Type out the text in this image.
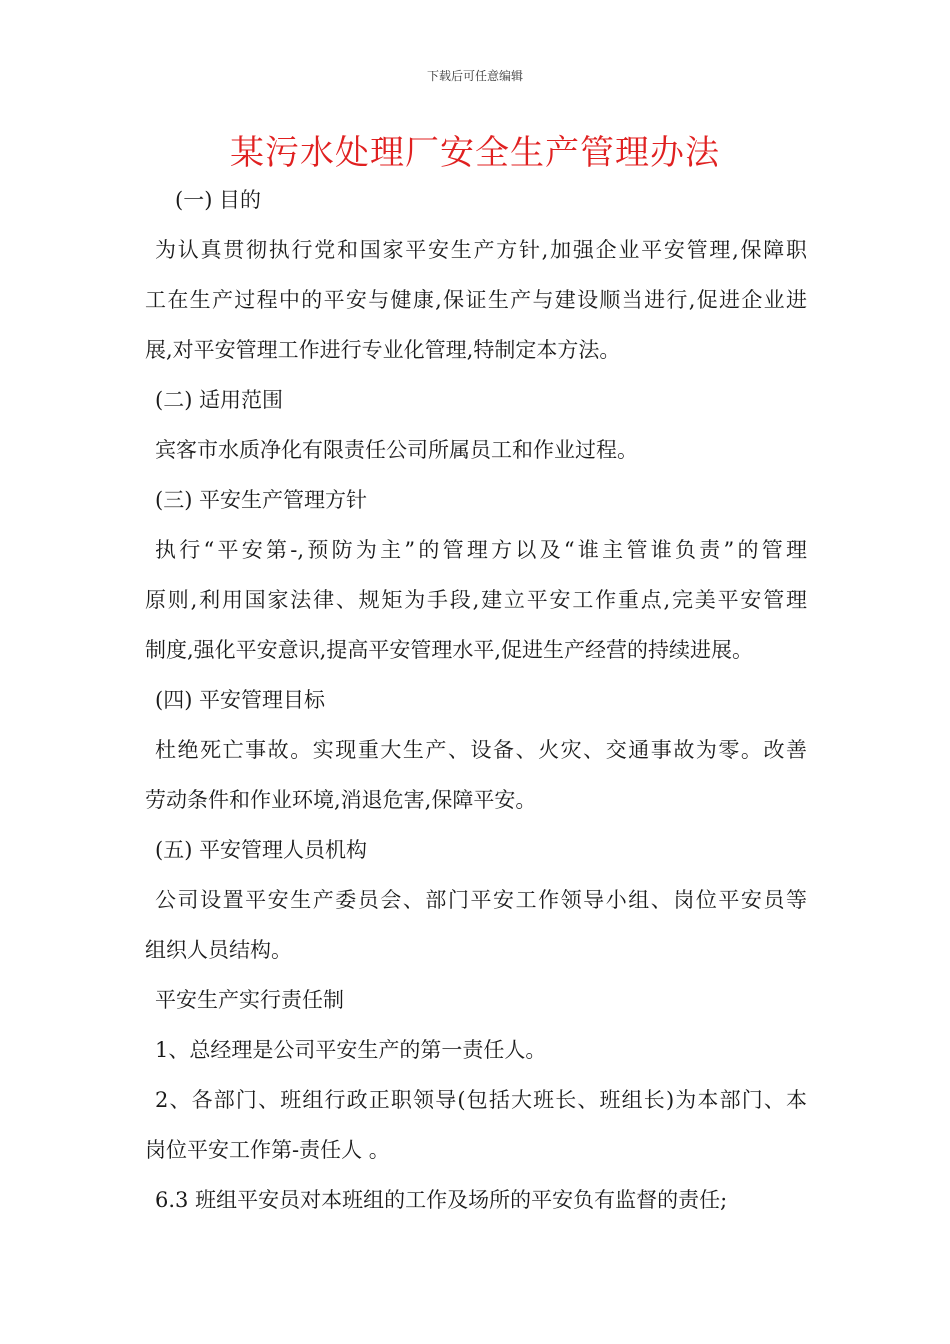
下载后可任意编辑
某污水处理厂安全生产管理办法
(一) 目的
为认真贯彻执行党和国家平安生产方针,加强企业平安管理,保障职
工在生产过程中的平安与健康,保证生产与建设顺当进行,促进企业进
展,对平安管理工作进行专业化管理,特制定本方法。
(二) 适用范围
宾客市水质净化有限责任公司所属员工和作业过程。
(三) 平安生产管理方针
执行“平安第-,预防为主”的管理方以及“谁主管谁负责”的管理
原则,利用国家法律、规矩为手段,建立平安工作重点,完美平安管理
制度,强化平安意识,提高平安管理水平,促进生产经营的持续进展。
(四) 平安管理目标
杜绝死亡事故。实现重大生产、设备、火灾、交通事故为零。改善
劳动条件和作业环境,消退危害,保障平安。
(五) 平安管理人员机构
公司设置平安生产委员会、部门平安工作领导小组、岗位平安员等
组织人员结构。
平安生产实行责任制
1、总经理是公司平安生产的第一责任人。
2、各部门、班组行政正职领导(包括大班长、班组长)为本部门、本
岗位平安工作第-责任人 。
6.3 班组平安员对本班组的工作及场所的平安负有监督的责任;
